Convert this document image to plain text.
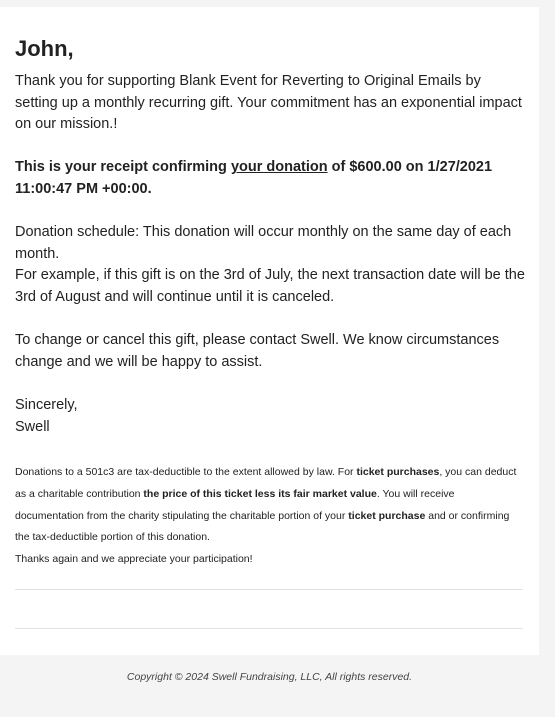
John,

Thank you for supporting Blank Event for Reverting to Original Emails by setting up a monthly recurring gift. Your commitment has an exponential impact on our mission.!

This is your receipt confirming your donation of $600.00 on 1/27/2021 11:00:47 PM +00:00.

Donation schedule: This donation will occur monthly on the same day of each month.

For example, if this gift is on the 3rd of July, the next transaction date will be the 3rd of August and will continue until it is canceled.

To change or cancel this gift, please contact Swell. We know circumstances change and we will be happy to assist.

Sincerely,

Swell

Donations to a 501c3 are tax-deductible to the extent allowed by law. For ticket purchases, you can deduct as a charitable contribution the price of this ticket less its fair market value. You will receive documentation from the charity stipulating the charitable portion of your ticket purchase and or confirming the tax-deductible portion of this donation.
Thanks again and we appreciate your participation!
Copyright © 2024 Swell Fundraising, LLC, All rights reserved.
